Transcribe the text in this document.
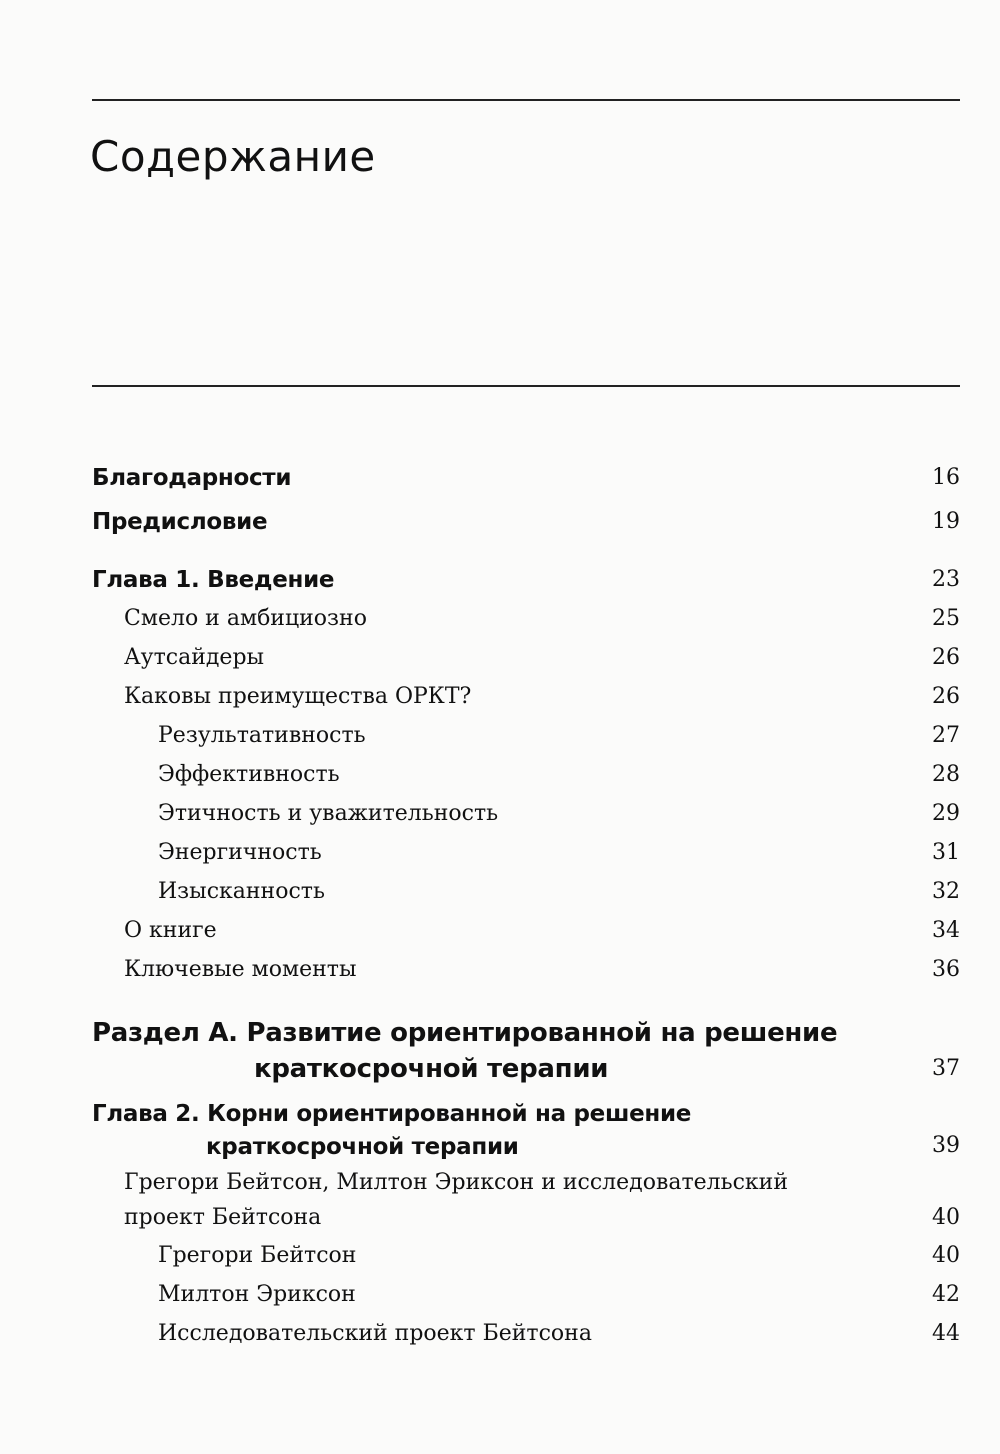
Содержание
Благодарности	16
Предисловие	19
Глава 1. Введение	23
Смело и амбициозно	25
Аутсайдеры	26
Каковы преимущества ОРКТ?	26
Результативность	27
Эффективность	28
Этичность и уважительность	29
Энергичность	31
Изысканность	32
О книге	34
Ключевые моменты	36
Раздел А. Развитие ориентированной на решение
краткосрочной терапии	37
Глава 2. Корни ориентированной на решение
краткосрочной терапии	39
Грегори Бейтсон, Милтон Эриксон и исследовательский
проект Бейтсона	40
Грегори Бейтсон	40
Милтон Эриксон	42
Исследовательский проект Бейтсона	44
